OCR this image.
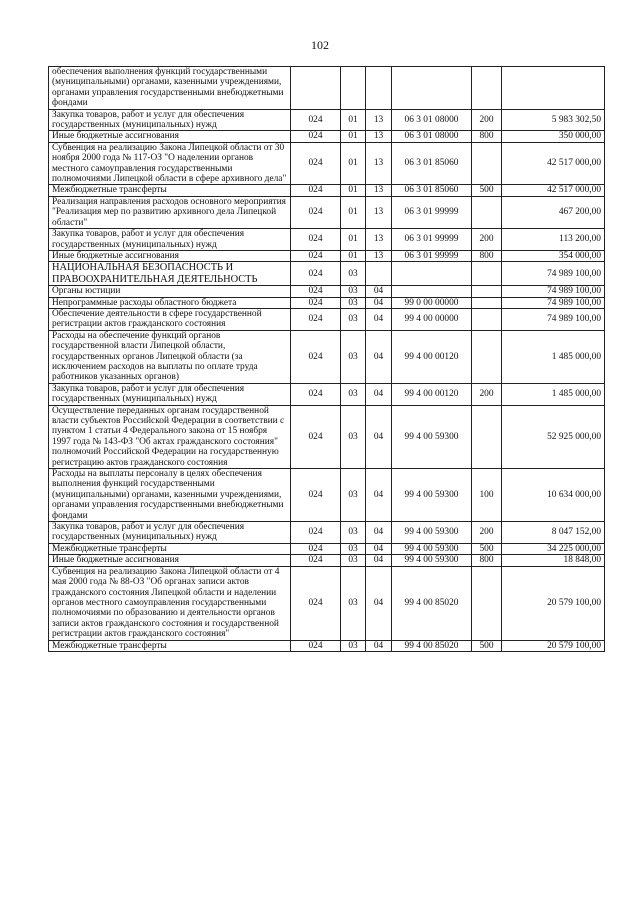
102
обеспечения выполнения функций государственными (муниципальными) органами, казенными учреждениями, органами управления государственными внебюджетными фондами						
Закупка товаров, работ и услуг для обеспечения государственных (муниципальных) нужд	024	01	13	06 3 01 08000	200	5 983 302,50
Иные бюджетные ассигнования	024	01	13	06 3 01 08000	800	350 000,00
Субвенция на реализацию Закона Липецкой области от 30 ноября 2000 года № 117-ОЗ "О наделении органов местного самоуправления государственными полномочиями Липецкой области в сфере архивного дела"	024	01	13	06 3 01 85060		42 517 000,00
Межбюджетные трансферты	024	01	13	06 3 01 85060	500	42 517 000,00
Реализация направления расходов основного мероприятия "Реализация мер по развитию архивного дела Липецкой области"	024	01	13	06 3 01 99999		467 200,00
Закупка товаров, работ и услуг для обеспечения государственных (муниципальных) нужд	024	01	13	06 3 01 99999	200	113 200,00
Иные бюджетные ассигнования	024	01	13	06 3 01 99999	800	354 000,00
НАЦИОНАЛЬНАЯ БЕЗОПАСНОСТЬ И ПРАВООХРАНИТЕЛЬНАЯ ДЕЯТЕЛЬНОСТЬ	024	03				74 989 100,00
Органы юстиции	024	03	04			74 989 100,00
Непрограммные расходы областного бюджета	024	03	04	99 0 00 00000		74 989 100,00
Обеспечение деятельности в сфере государственной регистрации актов гражданского состояния	024	03	04	99 4 00 00000		74 989 100,00
Расходы на обеспечение функций органов государственной власти Липецкой области, государственных органов Липецкой области (за исключением расходов на выплаты по оплате труда работников указанных органов)	024	03	04	99 4 00 00120		1 485 000,00
Закупка товаров, работ и услуг для обеспечения государственных (муниципальных) нужд	024	03	04	99 4 00 00120	200	1 485 000,00
Осуществление переданных органам государственной власти субъектов Российской Федерации в соответствии с пунктом 1 статьи 4 Федерального закона от 15 ноября 1997 года № 143-ФЗ "Об актах гражданского состояния" полномочий Российской Федерации на государственную регистрацию актов гражданского состояния	024	03	04	99 4 00 59300		52 925 000,00
Расходы на выплаты персоналу в целях обеспечения выполнения функций государственными (муниципальными) органами, казенными учреждениями, органами управления государственными внебюджетными фондами	024	03	04	99 4 00 59300	100	10 634 000,00
Закупка товаров, работ и услуг для обеспечения государственных (муниципальных) нужд	024	03	04	99 4 00 59300	200	8 047 152,00
Межбюджетные трансферты	024	03	04	99 4 00 59300	500	34 225 000,00
Иные бюджетные ассигнования	024	03	04	99 4 00 59300	800	18 848,00
Субвенция на реализацию Закона Липецкой области от 4 мая 2000 года № 88-ОЗ "Об органах записи актов гражданского состояния Липецкой области и наделении органов местного самоуправления государственными полномочиями по образованию и деятельности органов записи актов гражданского состояния и государственной регистрации актов гражданского состояния"	024	03	04	99 4 00 85020		20 579 100,00
Межбюджетные трансферты	024	03	04	99 4 00 85020	500	20 579 100,00
